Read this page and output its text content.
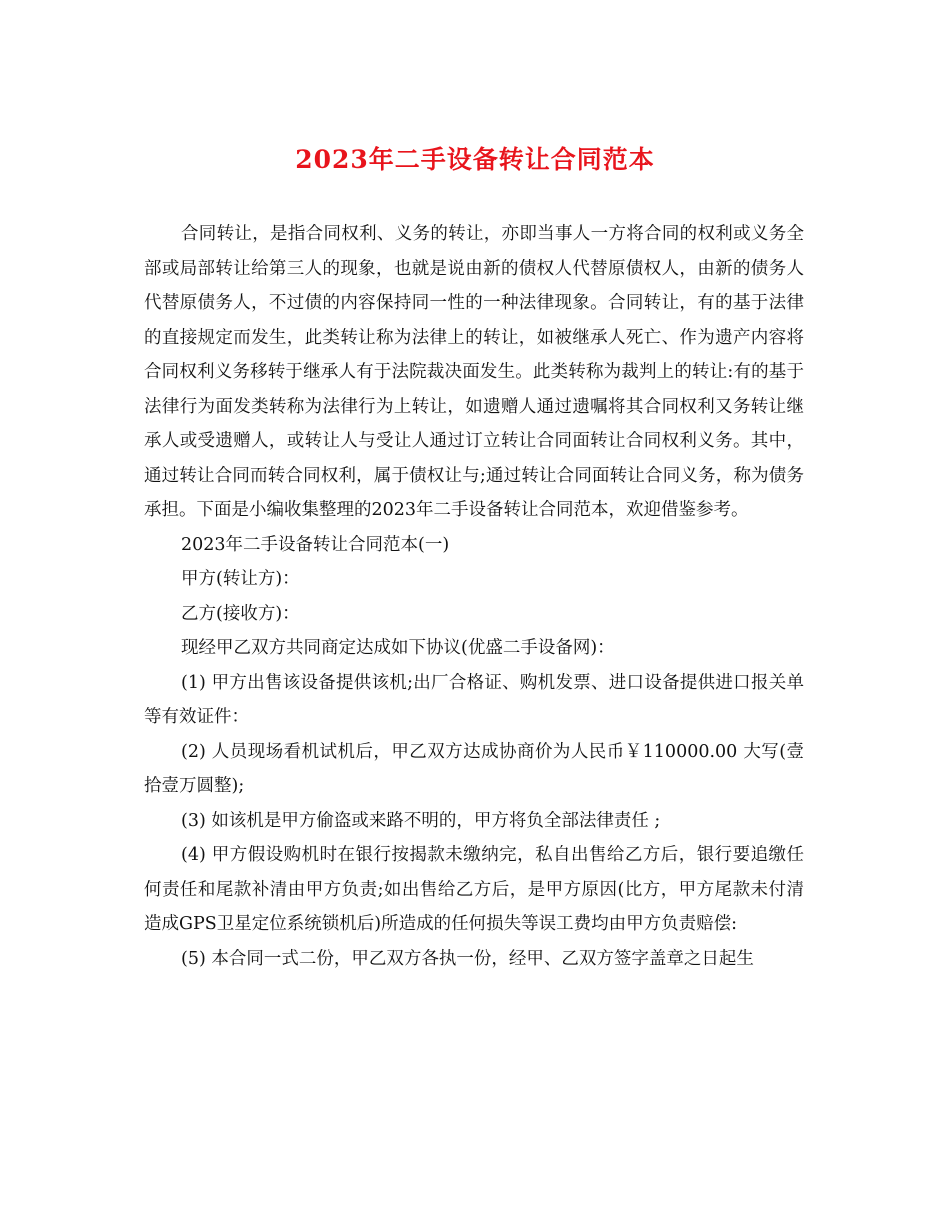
2023年二手设备转让合同范本

合同转让，是指合同权利、义务的转让，亦即当事人一方将合同的权利或义务全部或局部转让给第三人的现象，也就是说由新的债权人代替原债权人，由新的债务人代替原债务人，不过债的内容保持同一性的一种法律现象。合同转让，有的基于法律的直接规定而发生，此类转让称为法律上的转让，如被继承人死亡、作为遗产内容将合同权利义务移转于继承人有于法院裁决面发生。此类转称为裁判上的转让:有的基于法律行为面发类转称为法律行为上转让，如遗赠人通过遗嘱将其合同权利又务转让继承人或受遗赠人，或转让人与受让人通过订立转让合同面转让合同权利义务。其中，通过转让合同而转合同权利，属于债权让与;通过转让合同面转让合同义务，称为债务承担。下面是小编收集整理的2023年二手设备转让合同范本，欢迎借鉴参考。

2023年二手设备转让合同范本(一)

甲方(转让方)：

乙方(接收方)：

现经甲乙双方共同商定达成如下协议(优盛二手设备网)：

(1) 甲方出售该设备提供该机;出厂合格证、购机发票、进口设备提供进口报关单等有效证件：

(2) 人员现场看机试机后，甲乙双方达成协商价为人民币￥110000.00 大写(壹拾壹万圆整);

(3) 如该机是甲方偷盗或来路不明的，甲方将负全部法律责任 ;

(4) 甲方假设购机时在银行按揭款未缴纳完，私自出售给乙方后，银行要追缴任何责任和尾款补清由甲方负责;如出售给乙方后，是甲方原因(比方，甲方尾款未付清造成GPS卫星定位系统锁机后)所造成的任何损失等误工费均由甲方负责赔偿:

(5) 本合同一式二份，甲乙双方各执一份，经甲、乙双方签字盖章之日起生
